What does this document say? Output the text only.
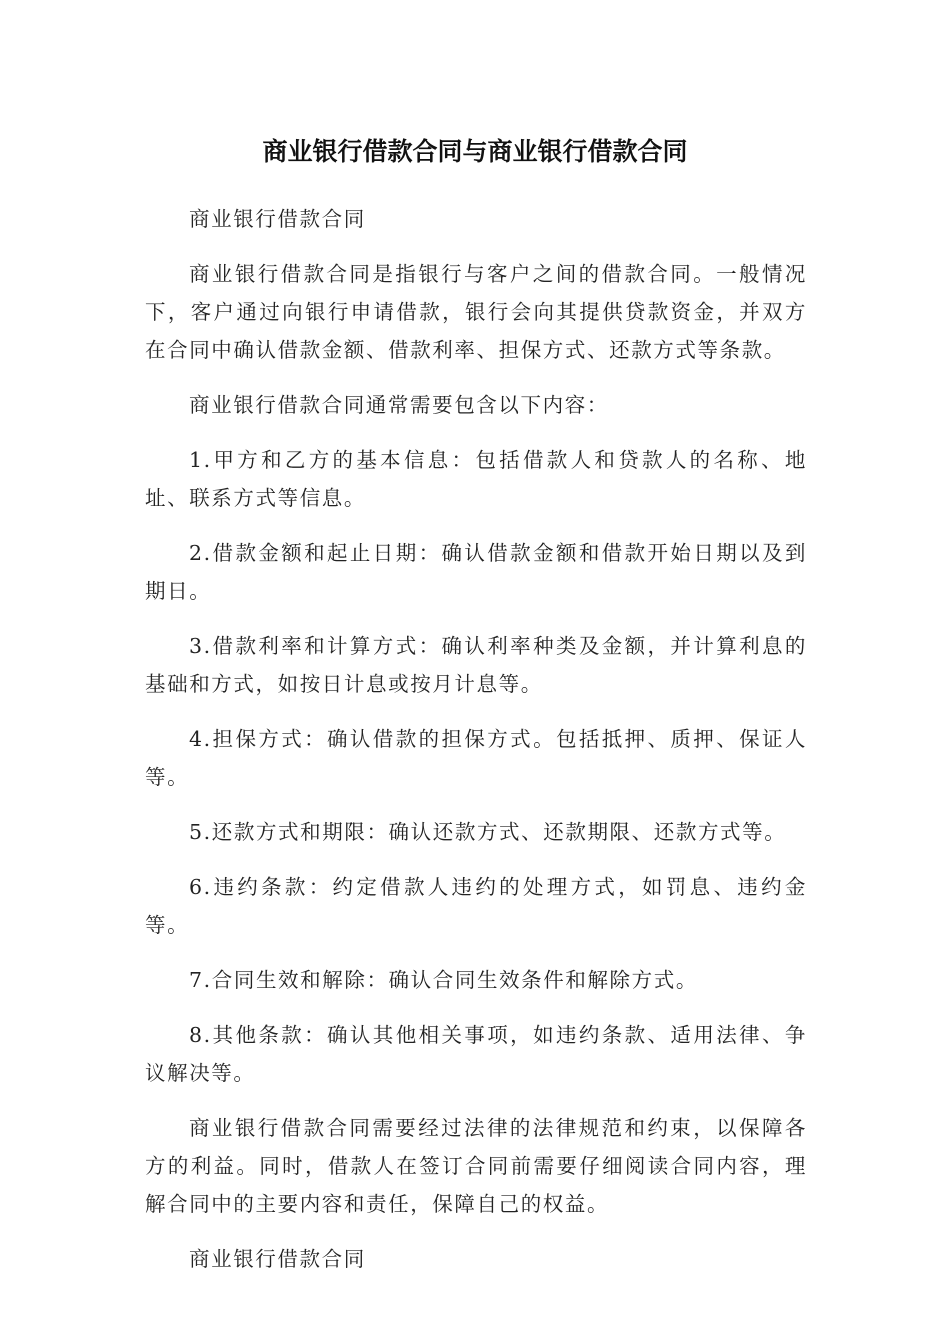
商业银行借款合同与商业银行借款合同

商业银行借款合同

商业银行借款合同是指银行与客户之间的借款合同。一般情况下，客户通过向银行申请借款，银行会向其提供贷款资金，并双方在合同中确认借款金额、借款利率、担保方式、还款方式等条款。

商业银行借款合同通常需要包含以下内容：

1.甲方和乙方的基本信息：包括借款人和贷款人的名称、地址、联系方式等信息。

2.借款金额和起止日期：确认借款金额和借款开始日期以及到期日。

3.借款利率和计算方式：确认利率种类及金额，并计算利息的基础和方式，如按日计息或按月计息等。

4.担保方式：确认借款的担保方式。包括抵押、质押、保证人等。

5.还款方式和期限：确认还款方式、还款期限、还款方式等。

6.违约条款：约定借款人违约的处理方式，如罚息、违约金等。

7.合同生效和解除：确认合同生效条件和解除方式。

8.其他条款：确认其他相关事项，如违约条款、适用法律、争议解决等。

商业银行借款合同需要经过法律的法律规范和约束，以保障各方的利益。同时，借款人在签订合同前需要仔细阅读合同内容，理解合同中的主要内容和责任，保障自己的权益。

商业银行借款合同
